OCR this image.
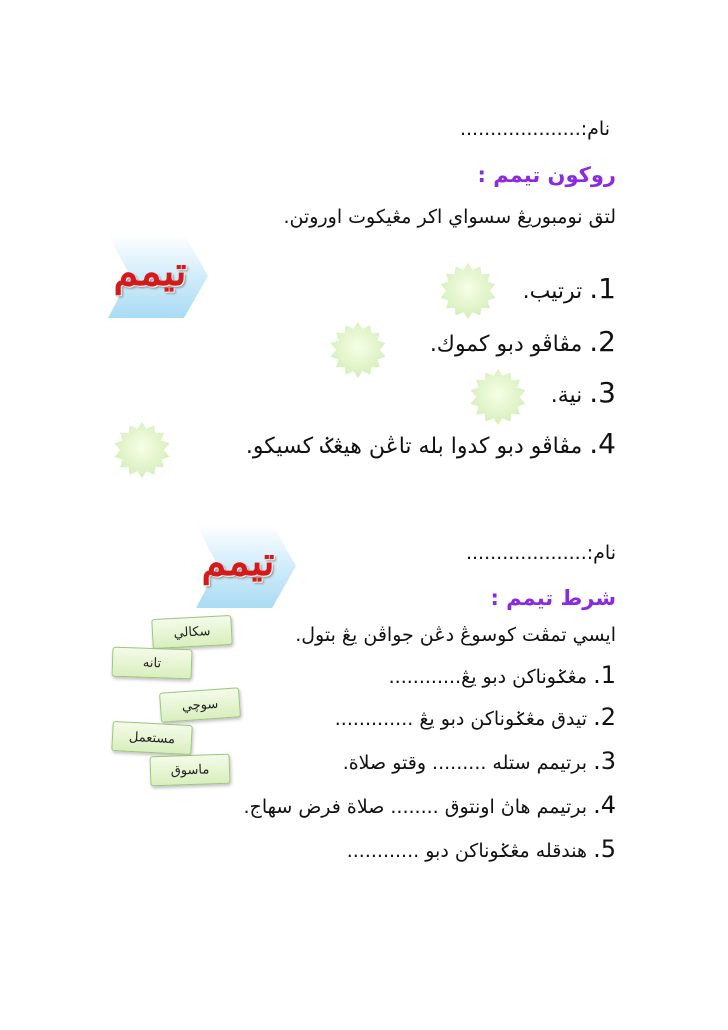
نام:....................
روكون تيمم :
لتق نومبوريڠ سسواي اكر مڠيكوت اوروتن.
تيمم	1. ترتيب.
2. مڤاڤو دبو كموك.
3. نية.
4. مڤاڤو دبو كدوا بله تاڠن هيڠݢ كسيكو.
تيمم	نام:....................
شرط تيمم :
ايسي تمڤت كوسوڠ دڠن جواڤن يڠ بتول.
1. مڠݢوناكن دبو يڠ............
2. تيدق مڠݢوناكن دبو يڠ .............
3. برتيمم ستله ......... وقتو صلاة.
4. برتيمم هاڽ اونتوق ........ صلاة فرض سهاج.
5. هندقله مڠݢوناكن دبو ............
سكالي
تانه
سوچي
مستعمل
ماسوق
